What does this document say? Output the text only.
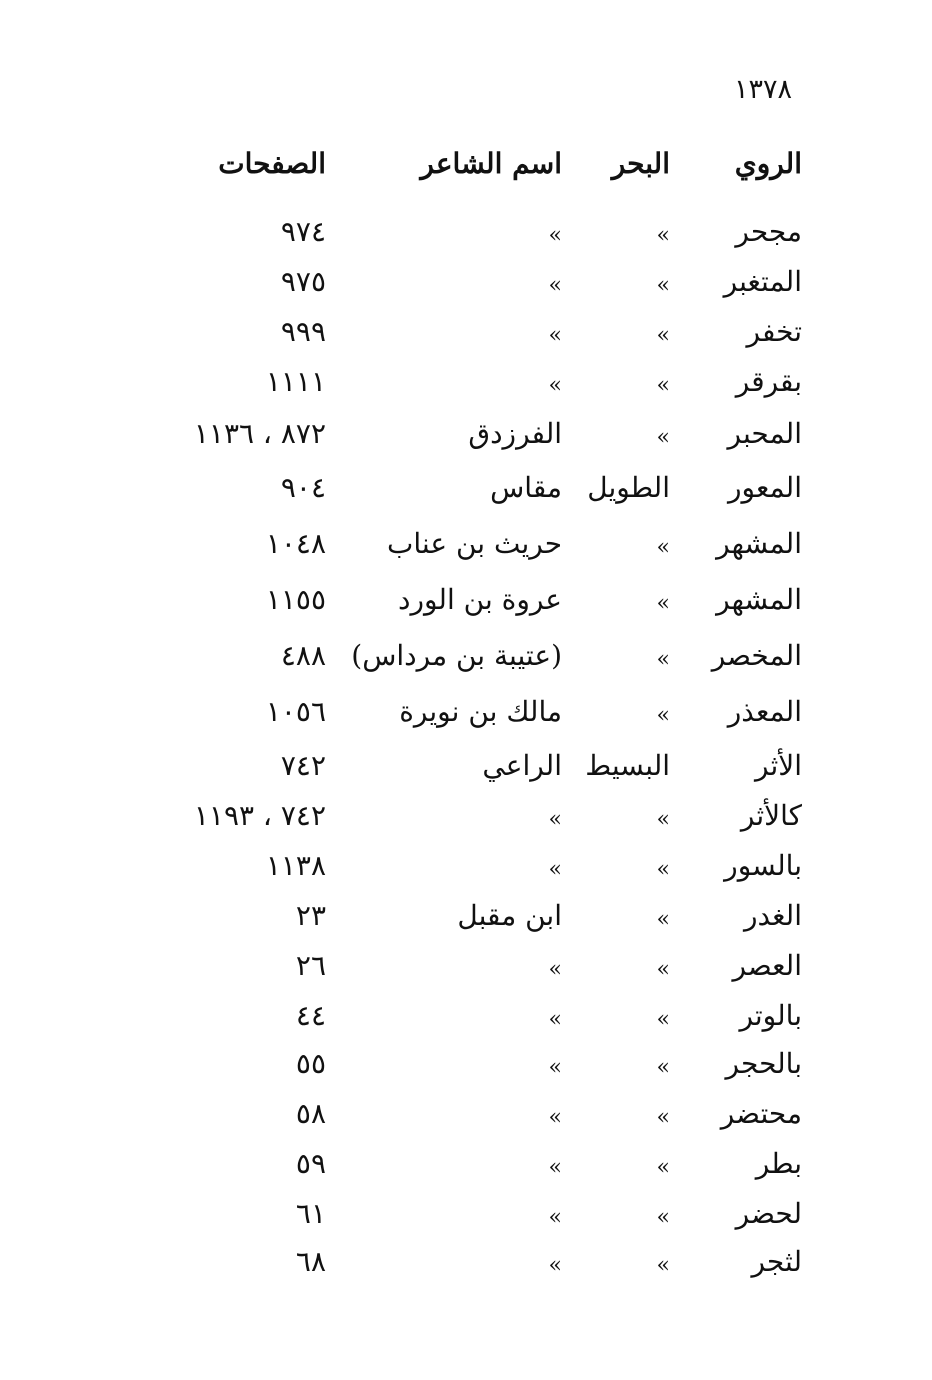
١٣٧٨
الروي
البحر
اسم الشاعر
الصفحات
مجحر
»
»
٩٧٤
المتغبر
»
»
٩٧٥
تخفر
»
»
٩٩٩
بقرقر
»
»
١١١١
المحبر
»
الفرزدق
٨٧٢ ، ١١٣٦
المعور
الطويل
مقاس
٩٠٤
المشهر
»
حريث بن عناب
١٠٤٨
المشهر
»
عروة بن الورد
١١٥٥
المخصر
»
(عتيبة بن مرداس)
٤٨٨
المعذر
»
مالك بن نويرة
١٠٥٦
الأثر
البسيط
الراعي
٧٤٢
كالأثر
»
»
٧٤٢ ، ١١٩٣
بالسور
»
»
١١٣٨
الغدر
»
ابن مقبل
٢٣
العصر
»
»
٢٦
بالوتر
»
»
٤٤
بالحجر
»
»
٥٥
محتضر
»
»
٥٨
بطر
»
»
٥٩
لحضر
»
»
٦١
لثجر
»
»
٦٨
